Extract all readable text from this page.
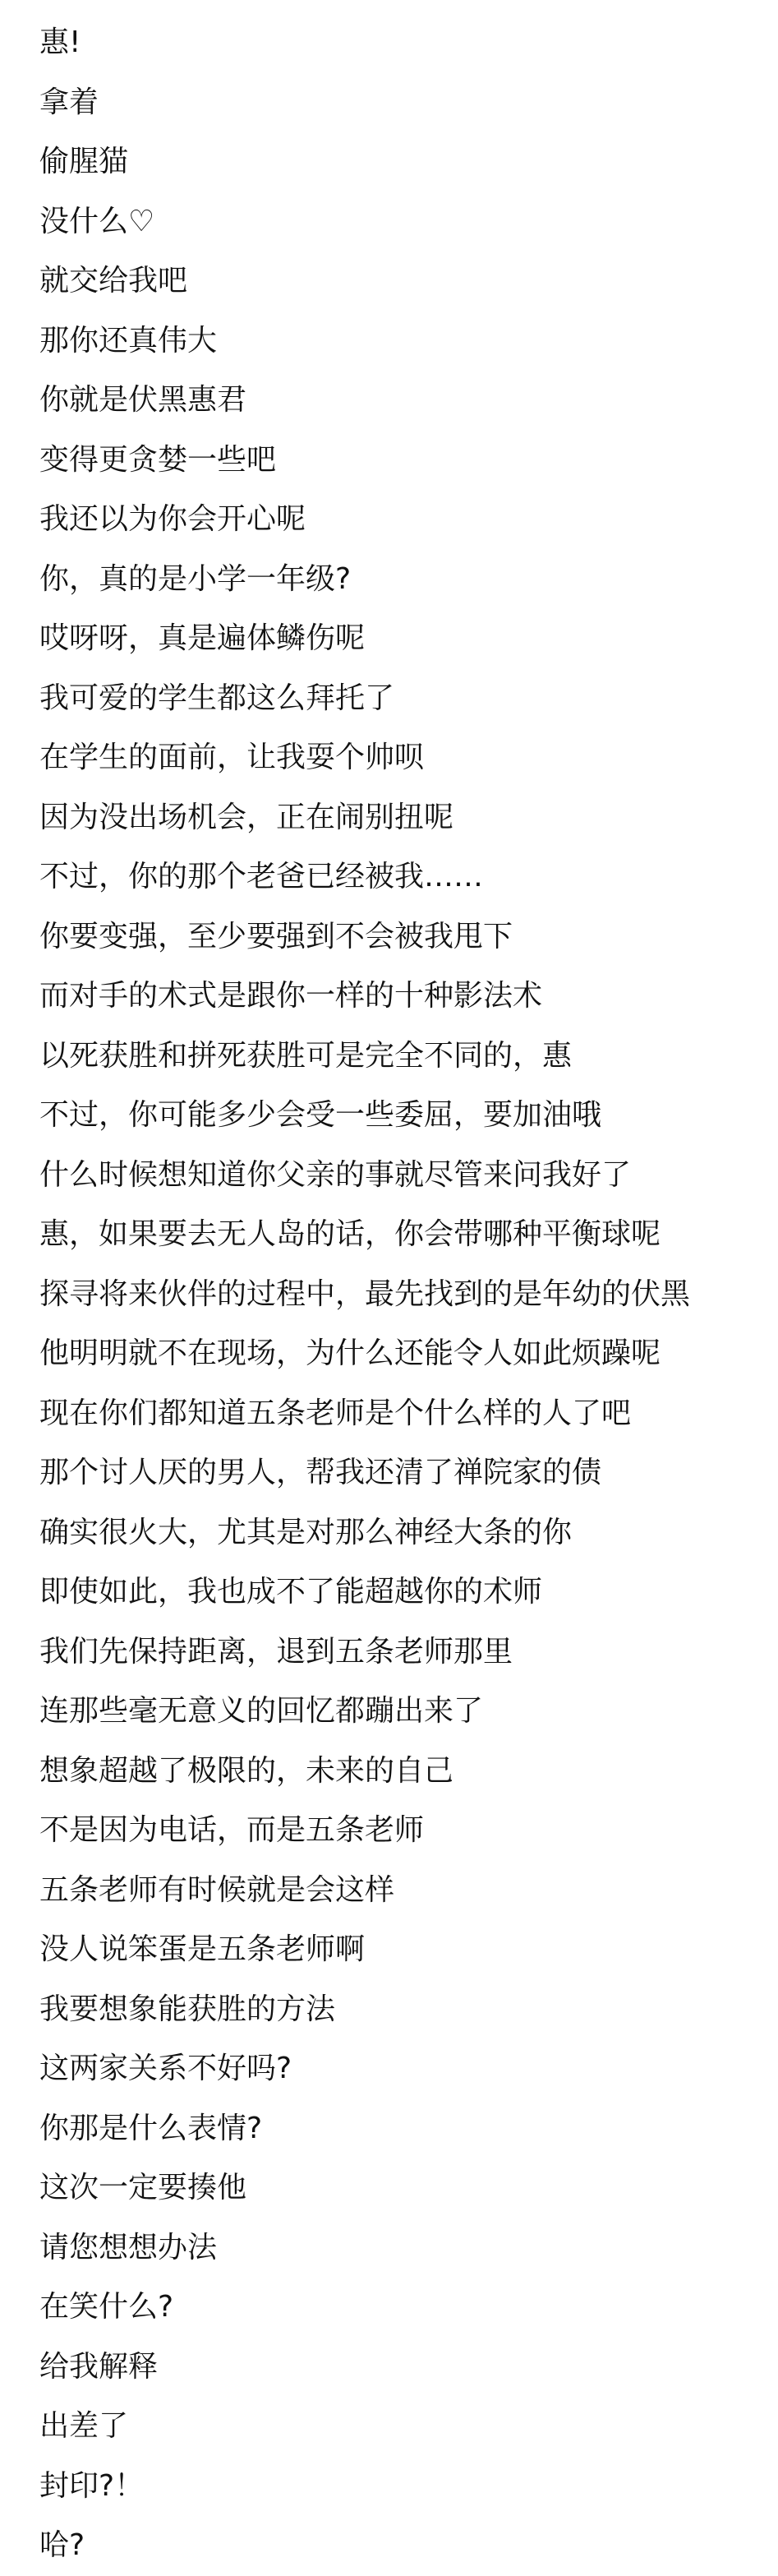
惠!
拿着
偷腥猫
没什么♡
就交给我吧
那你还真伟大
你就是伏黑惠君
变得更贪婪一些吧
我还以为你会开心呢
你，真的是小学一年级?
哎呀呀，真是遍体鳞伤呢
我可爱的学生都这么拜托了
在学生的面前，让我耍个帅呗
因为没出场机会，正在闹别扭呢
不过，你的那个老爸已经被我……
你要变强，至少要强到不会被我甩下
而对手的术式是跟你一样的十种影法术
以死获胜和拼死获胜可是完全不同的，惠
不过，你可能多少会受一些委屈，要加油哦
什么时候想知道你父亲的事就尽管来问我好了
惠，如果要去无人岛的话，你会带哪种平衡球呢
探寻将来伙伴的过程中，最先找到的是年幼的伏黑
他明明就不在现场，为什么还能令人如此烦躁呢
现在你们都知道五条老师是个什么样的人了吧
那个讨人厌的男人，帮我还清了禅院家的债
确实很火大，尤其是对那么神经大条的你
即使如此，我也成不了能超越你的术师
我们先保持距离，退到五条老师那里
连那些毫无意义的回忆都蹦出来了
想象超越了极限的，未来的自己
不是因为电话，而是五条老师
五条老师有时候就是会这样
没人说笨蛋是五条老师啊
我要想象能获胜的方法
这两家关系不好吗?
你那是什么表情?
这次一定要揍他
请您想想办法
在笑什么?
给我解释
出差了
封印?！
哈?
